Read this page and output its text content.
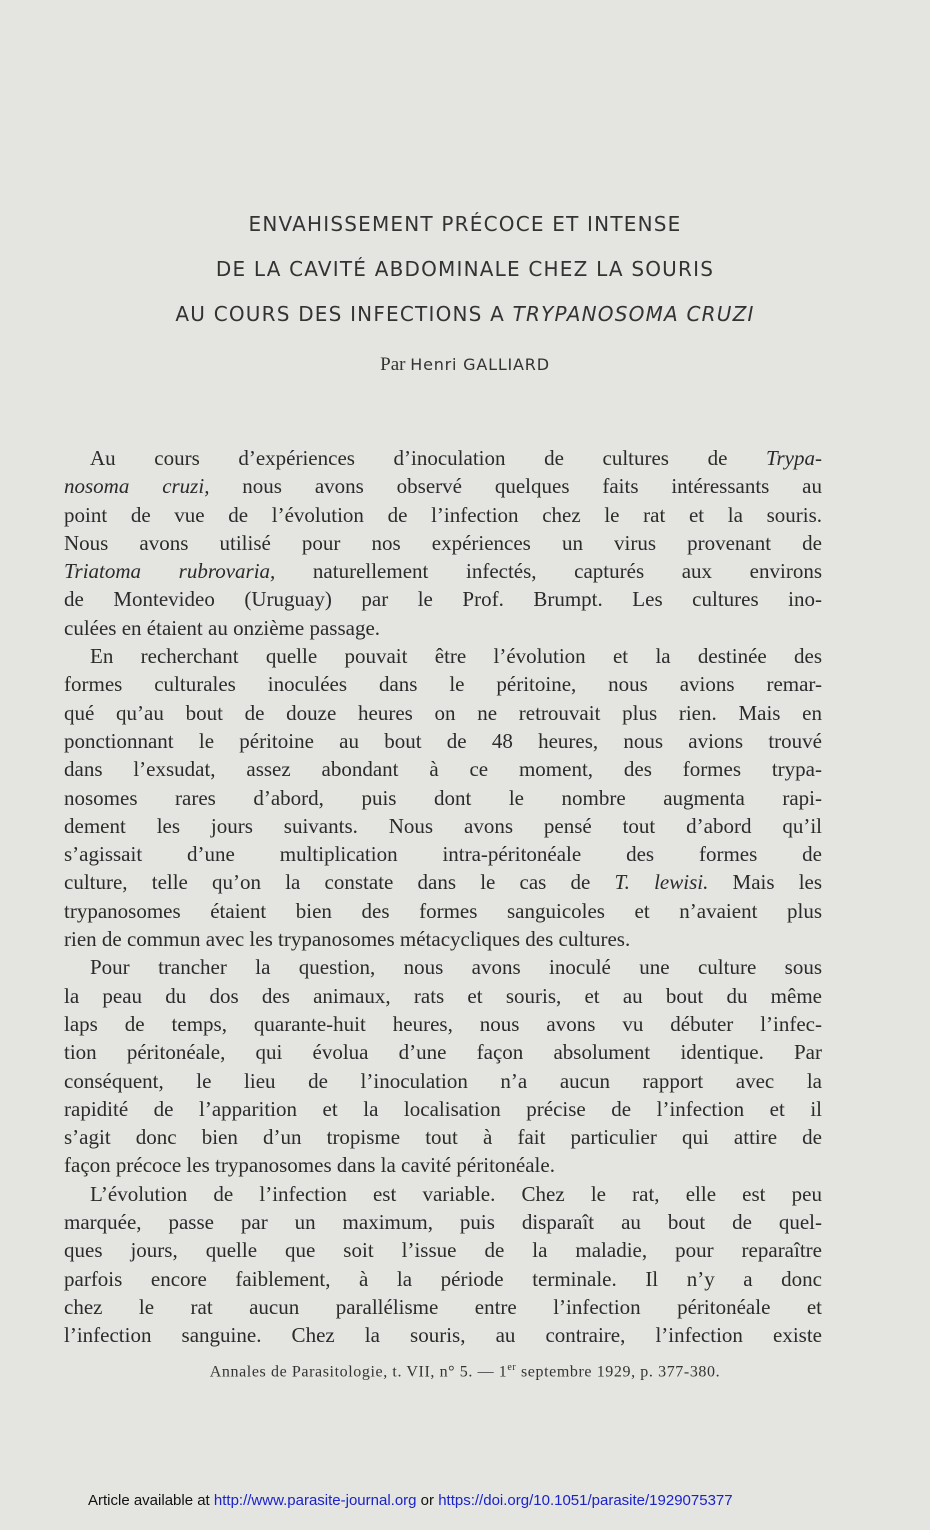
ENVAHISSEMENT PRÉCOCE ET INTENSE
DE LA CAVITÉ ABDOMINALE CHEZ LA SOURIS
AU COURS DES INFECTIONS A TRYPANOSOMA CRUZI
Par Henri GALLIARD
Au cours d’expériences d’inoculation de cultures de Trypa-
nosoma cruzi, nous avons observé quelques faits intéressants au
point de vue de l’évolution de l’infection chez le rat et la souris.
Nous avons utilisé pour nos expériences un virus provenant de
Triatoma rubrovaria, naturellement infectés, capturés aux environs
de Montevideo (Uruguay) par le Prof. Brumpt. Les cultures ino-
culées en étaient au onzième passage.
En recherchant quelle pouvait être l’évolution et la destinée des
formes culturales inoculées dans le péritoine, nous avions remar-
qué qu’au bout de douze heures on ne retrouvait plus rien. Mais en
ponctionnant le péritoine au bout de 48 heures, nous avions trouvé
dans l’exsudat, assez abondant à ce moment, des formes trypa-
nosomes rares d’abord, puis dont le nombre augmenta rapi-
dement les jours suivants. Nous avons pensé tout d’abord qu’il
s’agissait d’une multiplication intra-péritonéale des formes de
culture, telle qu’on la constate dans le cas de T. lewisi. Mais les
trypanosomes étaient bien des formes sanguicoles et n’avaient plus
rien de commun avec les trypanosomes métacycliques des cultures.
Pour trancher la question, nous avons inoculé une culture sous
la peau du dos des animaux, rats et souris, et au bout du même
laps de temps, quarante-huit heures, nous avons vu débuter l’infec-
tion péritonéale, qui évolua d’une façon absolument identique. Par
conséquent, le lieu de l’inoculation n’a aucun rapport avec la
rapidité de l’apparition et la localisation précise de l’infection et il
s’agit donc bien d’un tropisme tout à fait particulier qui attire de
façon précoce les trypanosomes dans la cavité péritonéale.
L’évolution de l’infection est variable. Chez le rat, elle est peu
marquée, passe par un maximum, puis disparaît au bout de quel-
ques jours, quelle que soit l’issue de la maladie, pour reparaître
parfois encore faiblement, à la période terminale. Il n’y a donc
chez le rat aucun parallélisme entre l’infection péritonéale et
l’infection sanguine. Chez la souris, au contraire, l’infection existe
Annales de Parasitologie, t. VII, n° 5. — 1er septembre 1929, p. 377-380.
Article available at http://www.parasite-journal.org or https://doi.org/10.1051/parasite/1929075377
